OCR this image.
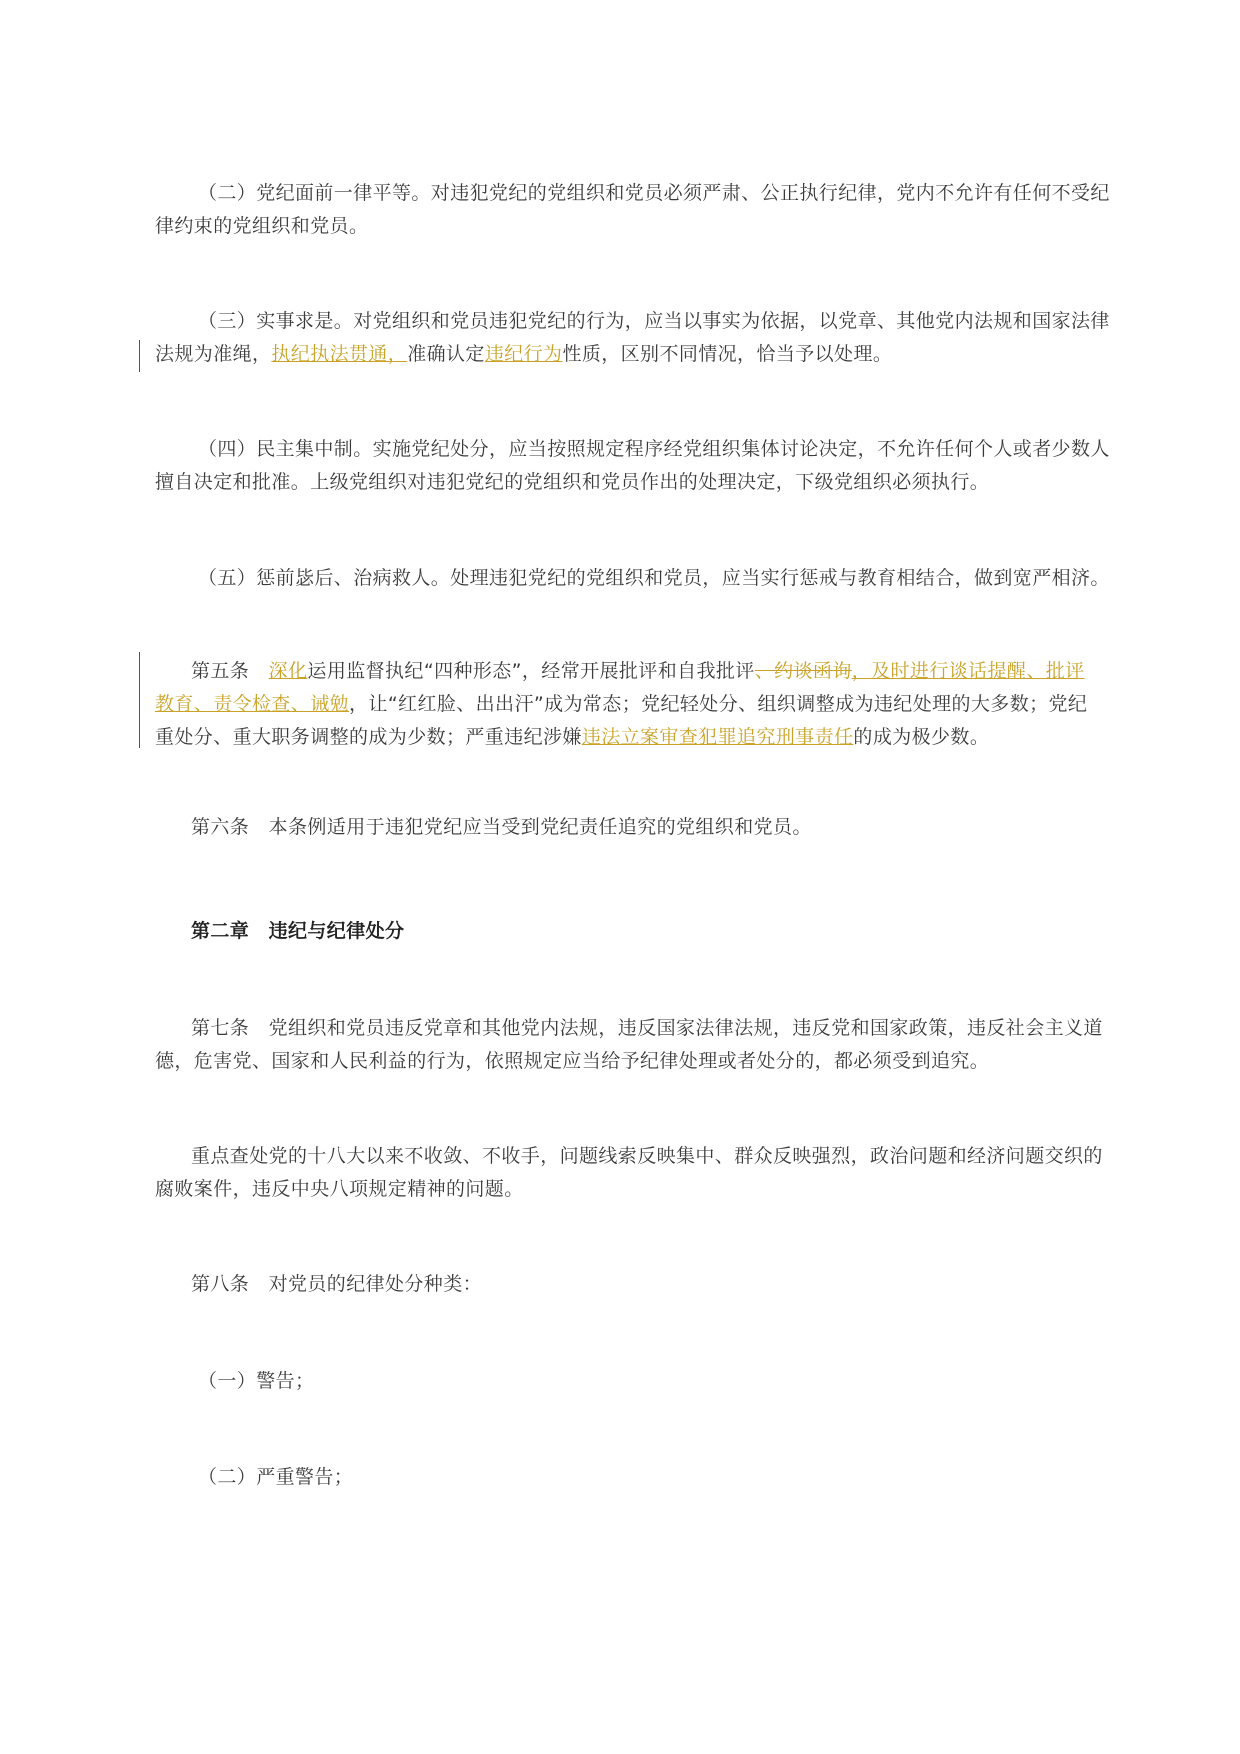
（二）党纪面前一律平等。对违犯党纪的党组织和党员必须严肃、公正执行纪律，党内不允许有任何不受纪
律约束的党组织和党员。

（三）实事求是。对党组织和党员违犯党纪的行为，应当以事实为依据，以党章、其他党内法规和国家法律
法规为准绳，执纪执法贯通，准确认定违纪行为性质，区别不同情况，恰当予以处理。

（四）民主集中制。实施党纪处分，应当按照规定程序经党组织集体讨论决定，不允许任何个人或者少数人
擅自决定和批准。上级党组织对违犯党纪的党组织和党员作出的处理决定，下级党组织必须执行。

（五）惩前毖后、治病救人。处理违犯党纪的党组织和党员，应当实行惩戒与教育相结合，做到宽严相济。

第五条　深化运用监督执纪“四种形态”，经常开展批评和自我批评、约谈函询，及时进行谈话提醒、批评
教育、责令检查、诫勉，让“红红脸、出出汗”成为常态；党纪轻处分、组织调整成为违纪处理的大多数；党纪
重处分、重大职务调整的成为少数；严重违纪涉嫌违法立案审查犯罪追究刑事责任的成为极少数。

第六条　本条例适用于违犯党纪应当受到党纪责任追究的党组织和党员。

第二章　违纪与纪律处分

第七条　党组织和党员违反党章和其他党内法规，违反国家法律法规，违反党和国家政策，违反社会主义道
德，危害党、国家和人民利益的行为，依照规定应当给予纪律处理或者处分的，都必须受到追究。

重点查处党的十八大以来不收敛、不收手，问题线索反映集中、群众反映强烈，政治问题和经济问题交织的
腐败案件，违反中央八项规定精神的问题。

第八条　对党员的纪律处分种类：

（一）警告；

（二）严重警告；
